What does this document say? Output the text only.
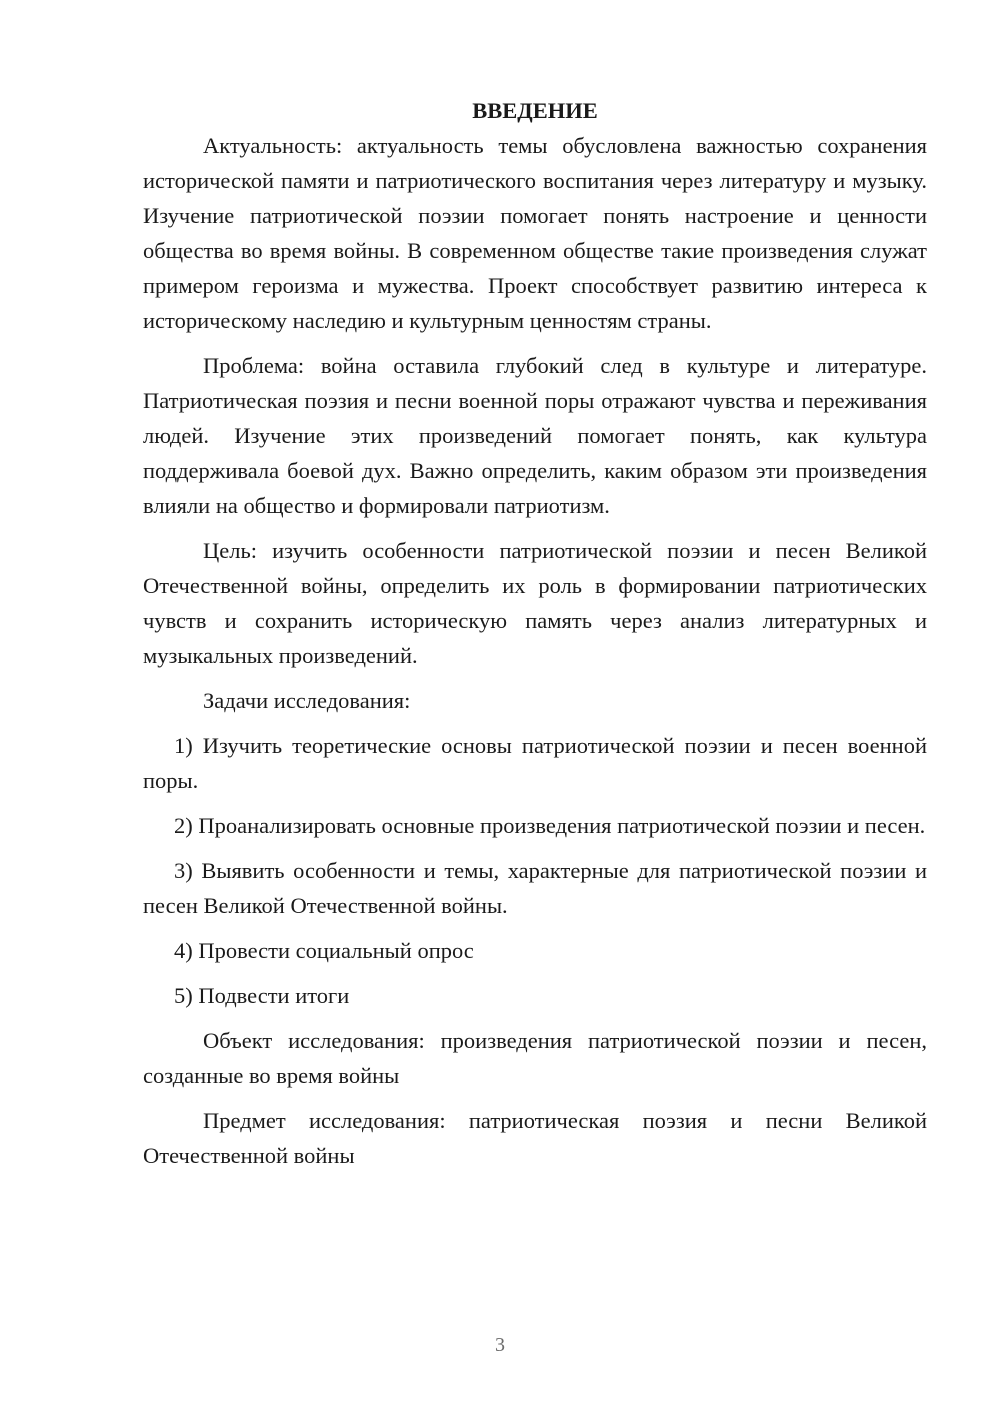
ВВЕДЕНИЕ

Актуальность: актуальность темы обусловлена важностью сохранения исторической памяти и патриотического воспитания через литературу и музыку. Изучение патриотической поэзии помогает понять настроение и ценности общества во время войны. В современном обществе такие произведения служат примером героизма и мужества. Проект способствует развитию интереса к историческому наследию и культурным ценностям страны.

Проблема: война оставила глубокий след в культуре и литературе. Патриотическая поэзия и песни военной поры отражают чувства и переживания людей. Изучение этих произведений помогает понять, как культура поддерживала боевой дух. Важно определить, каким образом эти произведения влияли на общество и формировали патриотизм.

Цель: изучить особенности патриотической поэзии и песен Великой Отечественной войны, определить их роль в формировании патриотических чувств и сохранить историческую память через анализ литературных и музыкальных произведений.

Задачи исследования:

1) Изучить теоретические основы патриотической поэзии и песен военной поры.

2) Проанализировать основные произведения патриотической поэзии и песен.

3) Выявить особенности и темы, характерные для патриотической поэзии и песен Великой Отечественной войны.

4) Провести социальный опрос

5) Подвести итоги

Объект исследования: произведения патриотической поэзии и песен, созданные во время войны

Предмет исследования: патриотическая поэзия и песни Великой Отечественной войны

3
